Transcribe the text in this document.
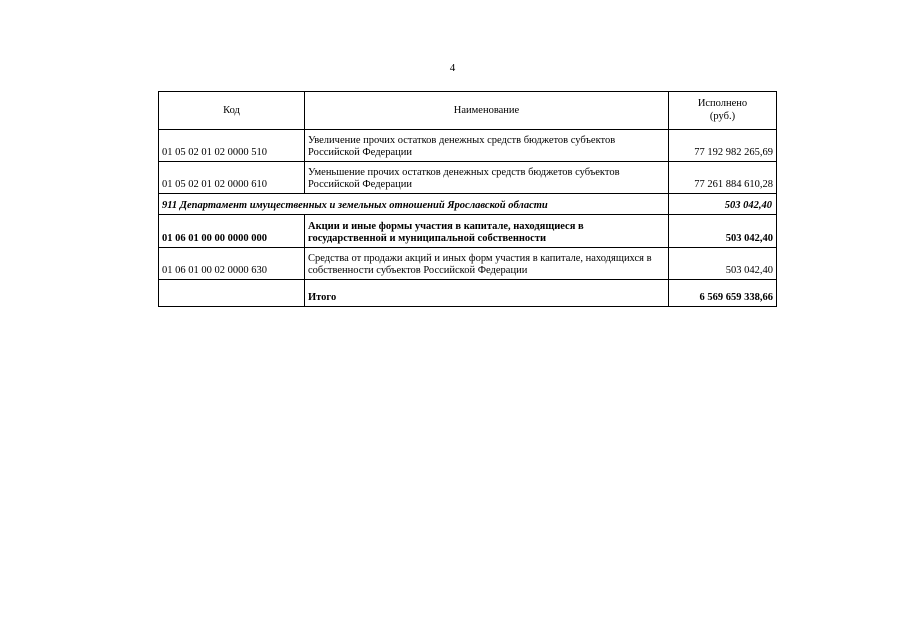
4
Код	Наименование	Исполнено
(руб.)
01 05 02 01 02 0000 510	Увеличение прочих остатков денежных средств бюджетов субъектов Российской Федерации	77 192 982 265,69
01 05 02 01 02 0000 610	Уменьшение прочих остатков денежных средств бюджетов субъектов Российской Федерации	77 261 884 610,28
911 Департамент имущественных и земельных отношений Ярославской области		503 042,40
01 06 01 00 00 0000 000	Акции и иные формы участия в капитале, находящиеся в государственной и муниципальной собственности	503 042,40
01 06 01 00 02 0000 630	Средства от продажи акций и иных форм участия в капитале, находящихся в собственности субъектов Российской Федерации	503 042,40
	Итого	6 569 659 338,66
